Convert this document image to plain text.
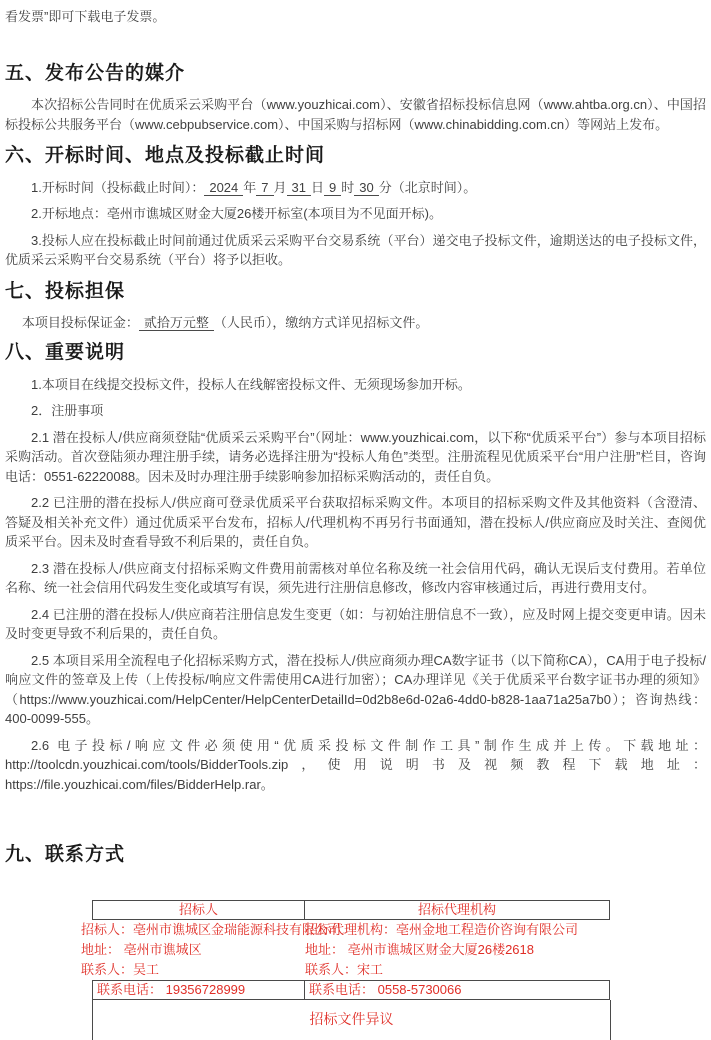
看发票”即可下载电子发票。

五、发布公告的媒介

本次招标公告同时在优质采云采购平台（www.youzhicai.com）、安徽省招标投标信息网（www.ahtba.org.cn）、中国招标投标公共服务平台（www.cebpubservice.com）、中国采购与招标网（www.chinabidding.com.cn）等网站上发布。

六、开标时间、地点及投标截止时间

1.开标时间（投标截止时间）： 2024 年 7 月 31 日 9 时 30 分（北京时间）。

2.开标地点：亳州市谯城区财金大厦26楼开标室(本项目为不见面开标)。

3.投标人应在投标截止时间前通过优质采云采购平台交易系统（平台）递交电子投标文件，逾期送达的电子投标文件，优质采云采购平台交易系统（平台）将予以拒收。

七、投标担保

本项目投标保证金： 贰拾万元整 （人民币），缴纳方式详见招标文件。

八、重要说明

1.本项目在线提交投标文件，投标人在线解密投标文件、无须现场参加开标。

2．注册事项

2.1 潜在投标人/供应商须登陆“优质采云采购平台”（网址：www.youzhicai.com，以下称“优质采平台”）参与本项目招标采购活动。首次登陆须办理注册手续，请务必选择注册为“投标人角色”类型。注册流程见优质采平台“用户注册”栏目，咨询电话：0551-62220088。因未及时办理注册手续影响参加招标采购活动的，责任自负。

2.2 已注册的潜在投标人/供应商可登录优质采平台获取招标采购文件。本项目的招标采购文件及其他资料（含澄清、答疑及相关补充文件）通过优质采平台发布，招标人/代理机构不再另行书面通知，潜在投标人/供应商应及时关注、查阅优质采平台。因未及时查看导致不利后果的，责任自负。

2.3 潜在投标人/供应商支付招标采购文件费用前需核对单位名称及统一社会信用代码，确认无误后支付费用。若单位名称、统一社会信用代码发生变化或填写有误，须先进行注册信息修改，修改内容审核通过后，再进行费用支付。

2.4 已注册的潜在投标人/供应商若注册信息发生变更（如：与初始注册信息不一致），应及时网上提交变更申请。因未及时变更导致不利后果的，责任自负。

2.5 本项目采用全流程电子化招标采购方式，潜在投标人/供应商须办理CA数字证书（以下简称CA），CA用于电子投标/响应文件的签章及上传（上传投标/响应文件需使用CA进行加密）；CA办理详见《关于优质采平台数字证书办理的须知》（https://www.youzhicai.com/HelpCenter/HelpCenterDetailId=0d2b8e6d-02a6-4dd0-b828-1aa71a25a7b0）；咨询热线：400-0099-555。

2.6 电子投标/响应文件必须使用“优质采投标文件制作工具”制作生成并上传。下载地址：http://toolcdn.youzhicai.com/tools/BidderTools.zip，使用说明书及视频教程下载地址：https://file.youzhicai.com/files/BidderHelp.rar。

九、联系方式
招标人	招标代理机构
招标人：亳州市谯城区金瑞能源科技有限公司
地址： 亳州市谯城区
联系人：吴工
招标代理机构：亳州金地工程造价咨询有限公司
地址： 亳州市谯城区财金大厦26楼2618
联系人：宋工
联系电话： 19356728999	联系电话： 0558-5730066
招标文件异议
